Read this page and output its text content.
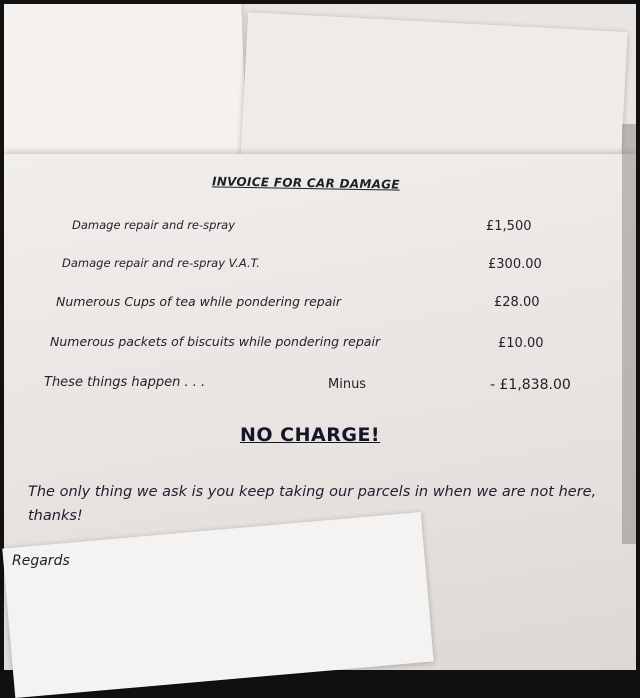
INVOICE FOR CAR DAMAGE
Damage repair and re-spray	£1,500
Damage repair and re-spray V.A.T.	£300.00
Numerous Cups of tea while pondering repair	£28.00
Numerous packets of biscuits while pondering repair	£10.00
These things happen . . .	Minus	- £1,838.00
NO CHARGE!
The only thing we ask is you keep taking our parcels in when we are not here, thanks!
Regards
